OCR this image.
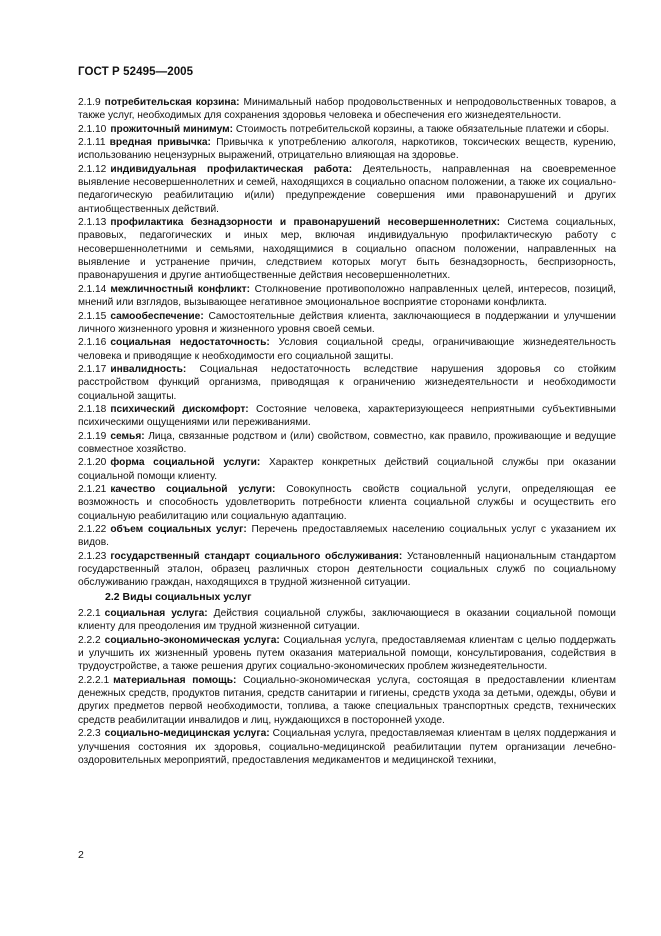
ГОСТ Р 52495—2005

2.1.9 потребительская корзина: Минимальный набор продовольственных и непродовольственных товаров, а также услуг, необходимых для сохранения здоровья человека и обеспечения его жизнедеятельности.

2.1.10 прожиточный минимум: Стоимость потребительской корзины, а также обязательные платежи и сборы.

2.1.11 вредная привычка: Привычка к употреблению алкоголя, наркотиков, токсических веществ, курению, использованию нецензурных выражений, отрицательно влияющая на здоровье.

2.1.12 индивидуальная профилактическая работа: Деятельность, направленная на своевременное выявление несовершеннолетних и семей, находящихся в социально опасном положении, а также их социально-педагогическую реабилитацию и(или) предупреждение совершения ими правонарушений и других антиобщественных действий.

2.1.13 профилактика безнадзорности и правонарушений несовершеннолетних: Система социальных, правовых, педагогических и иных мер, включая индивидуальную профилактическую работу с несовершеннолетними и семьями, находящимися в социально опасном положении, направленных на выявление и устранение причин, следствием которых могут быть безнадзорность, беспризорность, правонарушения и другие антиобщественные действия несовершеннолетних.

2.1.14 межличностный конфликт: Столкновение противоположно направленных целей, интересов, позиций, мнений или взглядов, вызывающее негативное эмоциональное восприятие сторонами конфликта.

2.1.15 самообеспечение: Самостоятельные действия клиента, заключающиеся в поддержании и улучшении личного жизненного уровня и жизненного уровня своей семьи.

2.1.16 социальная недостаточность: Условия социальной среды, ограничивающие жизнедеятельность человека и приводящие к необходимости его социальной защиты.

2.1.17 инвалидность: Социальная недостаточность вследствие нарушения здоровья со стойким расстройством функций организма, приводящая к ограничению жизнедеятельности и необходимости социальной защиты.

2.1.18 психический дискомфорт: Состояние человека, характеризующееся неприятными субъективными психическими ощущениями или переживаниями.

2.1.19 семья: Лица, связанные родством и (или) свойством, совместно, как правило, проживающие и ведущие совместное хозяйство.

2.1.20 форма социальной услуги: Характер конкретных действий социальной службы при оказании социальной помощи клиенту.

2.1.21 качество социальной услуги: Совокупность свойств социальной услуги, определяющая ее возможность и способность удовлетворить потребности клиента социальной службы и осуществить его социальную реабилитацию или социальную адаптацию.

2.1.22 объем социальных услуг: Перечень предоставляемых населению социальных услуг с указанием их видов.

2.1.23 государственный стандарт социального обслуживания: Установленный национальным стандартом государственный эталон, образец различных сторон деятельности социальных служб по социальному обслуживанию граждан, находящихся в трудной жизненной ситуации.

2.2 Виды социальных услуг

2.2.1 социальная услуга: Действия социальной службы, заключающиеся в оказании социальной помощи клиенту для преодоления им трудной жизненной ситуации.

2.2.2 социально-экономическая услуга: Социальная услуга, предоставляемая клиентам с целью поддержать и улучшить их жизненный уровень путем оказания материальной помощи, консультирования, содействия в трудоустройстве, а также решения других социально-экономических проблем жизнедеятельности.

2.2.2.1 материальная помощь: Социально-экономическая услуга, состоящая в предоставлении клиентам денежных средств, продуктов питания, средств санитарии и гигиены, средств ухода за детьми, одежды, обуви и других предметов первой необходимости, топлива, а также специальных транспортных средств, технических средств реабилитации инвалидов и лиц, нуждающихся в посторонней уходе.

2.2.3 социально-медицинская услуга: Социальная услуга, предоставляемая клиентам в целях поддержания и улучшения состояния их здоровья, социально-медицинской реабилитации путем организации лечебно-оздоровительных мероприятий, предоставления медикаментов и медицинской техники,

2
